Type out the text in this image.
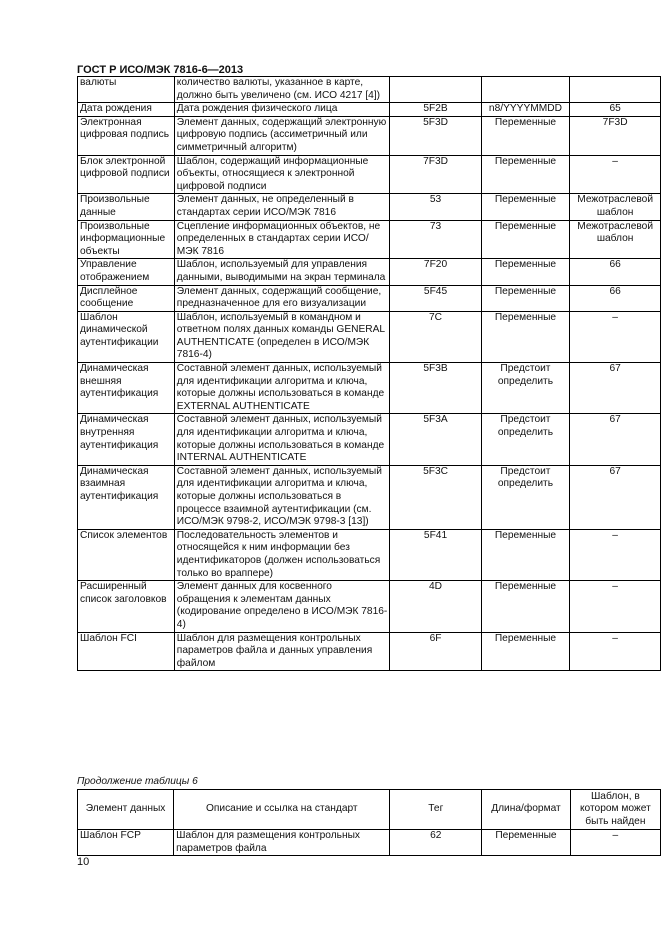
ГОСТ Р ИСО/МЭК 7816-6—2013
валюты	количество валюты, указанное в карте, должно быть увеличено (см. ИСО 4217 [4])			
Дата рождения	Дата рождения физического лица	5F2B	n8/YYYYMMDD	65
Электронная цифровая подпись	Элемент данных, содержащий электронную цифровую подпись (ассиметричный или симметричный алгоритм)	5F3D	Переменные	7F3D
Блок электронной цифровой подписи	Шаблон, содержащий информационные объекты, относящиеся к электронной цифровой подписи	7F3D	Переменные	–
Произвольные данные	Элемент данных, не определенный в стандартах серии ИСО/МЭК 7816	53	Переменные	Межотраслевой шаблон
Произвольные информационные объекты	Сцепление информационных объектов, не определенных в стандартах серии ИСО/МЭК 7816	73	Переменные	Межотраслевой шаблон
Управление отображением	Шаблон, используемый для управления данными, выводимыми на экран терминала	7F20	Переменные	66
Дисплейное сообщение	Элемент данных, содержащий сообщение, предназначенное для его визуализации	5F45	Переменные	66
Шаблон динамической аутентификации	Шаблон, используемый в командном и ответном полях данных команды GENERAL AUTHENTICATE (определен в ИСО/МЭК 7816-4)	7C	Переменные	–
Динамическая внешняя аутентификация	Составной элемент данных, используемый для идентификации алгоритма и ключа, которые должны использоваться в команде EXTERNAL AUTHENTICATE	5F3B	Предстоит определить	67
Динамическая внутренняя аутентификация	Составной элемент данных, используемый для идентификации алгоритма и ключа, которые должны использоваться в команде INTERNAL AUTHENTICATE	5F3A	Предстоит определить	67
Динамическая взаимная аутентификация	Составной элемент данных, используемый для идентификации алгоритма и ключа, которые должны использоваться в процессе взаимной аутентификации (см. ИСО/МЭК 9798-2, ИСО/МЭК 9798-3 [13])	5F3C	Предстоит определить	67
Список элементов	Последовательность элементов и относящейся к ним информации без идентификаторов (должен использоваться только во враппере)	5F41	Переменные	–
Расширенный список заголовков	Элемент данных для косвенного обращения к элементам данных (кодирование определено в ИСО/МЭК 7816-4)	4D	Переменные	–
Шаблон FCI	Шаблон для размещения контрольных параметров файла и данных управления файлом	6F	Переменные	–
Продолжение таблицы 6
Элемент данных	Описание и ссылка на стандарт	Тег	Длина/формат	Шаблон, в котором может быть найден
Шаблон FCP	Шаблон для размещения контрольных параметров файла	62	Переменные	–
10
